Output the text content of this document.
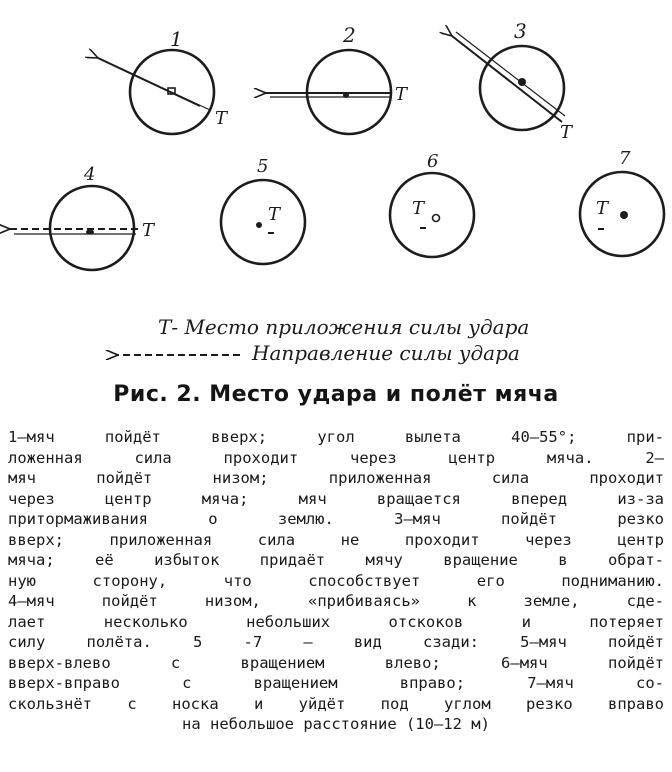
1
T
2
T
3
T
4
T
5
T
6
T
7
T
Т- Место приложения силы удара
Направление силы удара
Рис. 2. Место удара и полёт мяча
1—мяч пойдёт вверх; угол вылета 40—55°; при-
ложенная сила проходит через центр мяча. 2—
мяч пойдёт низом; приложенная сила проходит
через центр мяча; мяч вращается вперед из-за
притормаживания о землю. 3—мяч пойдёт резко
вверх; приложенная сила не проходит через центр
мяча; её избыток придаёт мячу вращение в обрат-
ную сторону, что способствует его подниманию.
4—мяч пойдёт низом, «прибиваясь» к земле, сде-
лает несколько небольших отскоков и потеряет
силу полёта. 5 -7 — вид сзади: 5—мяч пойдёт
вверх-влево с вращением влево; 6—мяч пойдёт
вверх-вправо с вращением вправо; 7—мяч со-
скользнёт с носка и уйдёт под углом резко вправо
на небольшое расстояние (10—12 м)
